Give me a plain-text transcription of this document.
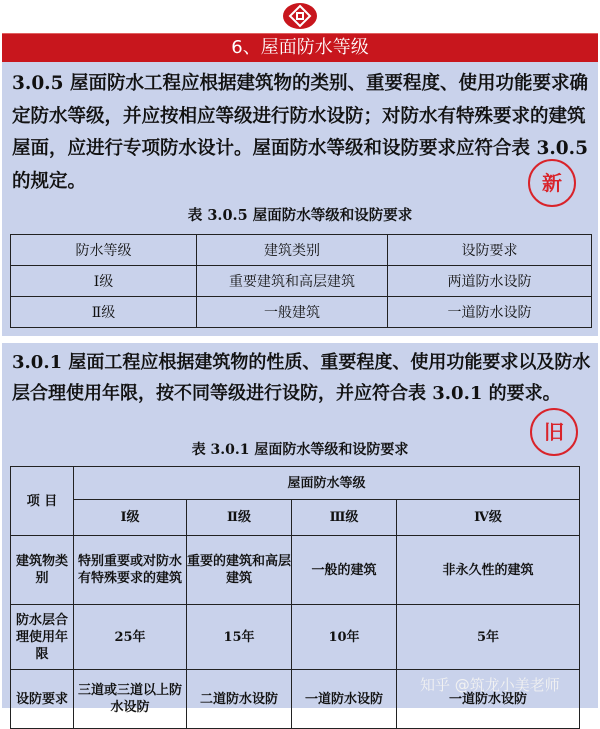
6、屋面防水等级
3.0.5 屋面防水工程应根据建筑物的类别、重要程度、使用功能要求确定防水等级，并应按相应等级进行防水设防；对防水有特殊要求的建筑屋面，应进行专项防水设计。屋面防水等级和设防要求应符合表 3.0.5 的规定。	新
表 3.0.5 屋面防水等级和设防要求
防水等级	建筑类别	设防要求
Ⅰ级	重要建筑和高层建筑	两道防水设防
Ⅱ级	一般建筑	一道防水设防
3.0.1 屋面工程应根据建筑物的性质、重要程度、使用功能要求以及防水层合理使用年限，按不同等级进行设防，并应符合表 3.0.1 的要求。
旧
表 3.0.1 屋面防水等级和设防要求
项 目	屋面防水等级			
	Ⅰ级	Ⅱ级	Ⅲ级	Ⅳ级
建筑物类别	特别重要或对防水有特殊要求的建筑	重要的建筑和高层建筑	一般的建筑	非永久性的建筑
防水层合理使用年限	25年	15年	10年	5年
设防要求	三道或三道以上防水设防	二道防水设防	一道防水设防	一道防水设防
知乎 @筑龙小美老师
